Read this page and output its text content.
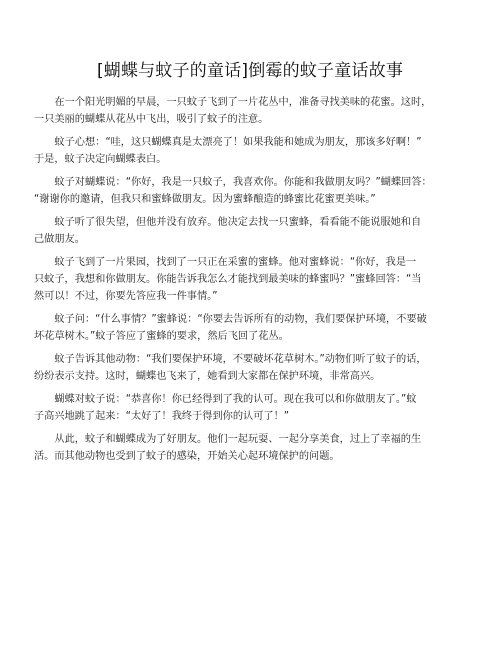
[蝴蝶与蚊子的童话]倒霉的蚊子童话故事

在一个阳光明媚的早晨，一只蚊子飞到了一片花丛中，准备寻找美味的花蜜。这时，
一只美丽的蝴蝶从花丛中飞出，吸引了蚊子的注意。

蚊子心想：“哇，这只蝴蝶真是太漂亮了！如果我能和她成为朋友，那该多好啊！”
于是，蚊子决定向蝴蝶表白。

蚊子对蝴蝶说：“你好，我是一只蚊子，我喜欢你。你能和我做朋友吗？”蝴蝶回答：
“谢谢你的邀请，但我只和蜜蜂做朋友。因为蜜蜂酿造的蜂蜜比花蜜更美味。”

蚊子听了很失望，但他并没有放弃。他决定去找一只蜜蜂，看看能不能说服她和自
己做朋友。

蚊子飞到了一片果园，找到了一只正在采蜜的蜜蜂。他对蜜蜂说：“你好，我是一
只蚊子，我想和你做朋友。你能告诉我怎么才能找到最美味的蜂蜜吗？”蜜蜂回答：“当
然可以！不过，你要先答应我一件事情。”

蚊子问：“什么事情？”蜜蜂说：“你要去告诉所有的动物，我们要保护环境，不要破
坏花草树木。”蚊子答应了蜜蜂的要求，然后飞回了花丛。

蚊子告诉其他动物：“我们要保护环境，不要破坏花草树木。”动物们听了蚊子的话，
纷纷表示支持。这时，蝴蝶也飞来了，她看到大家都在保护环境，非常高兴。

蝴蝶对蚊子说：“恭喜你！你已经得到了我的认可。现在我可以和你做朋友了。”蚊
子高兴地跳了起来：“太好了！我终于得到你的认可了！”

从此，蚊子和蝴蝶成为了好朋友。他们一起玩耍、一起分享美食，过上了幸福的生
活。而其他动物也受到了蚊子的感染，开始关心起环境保护的问题。
